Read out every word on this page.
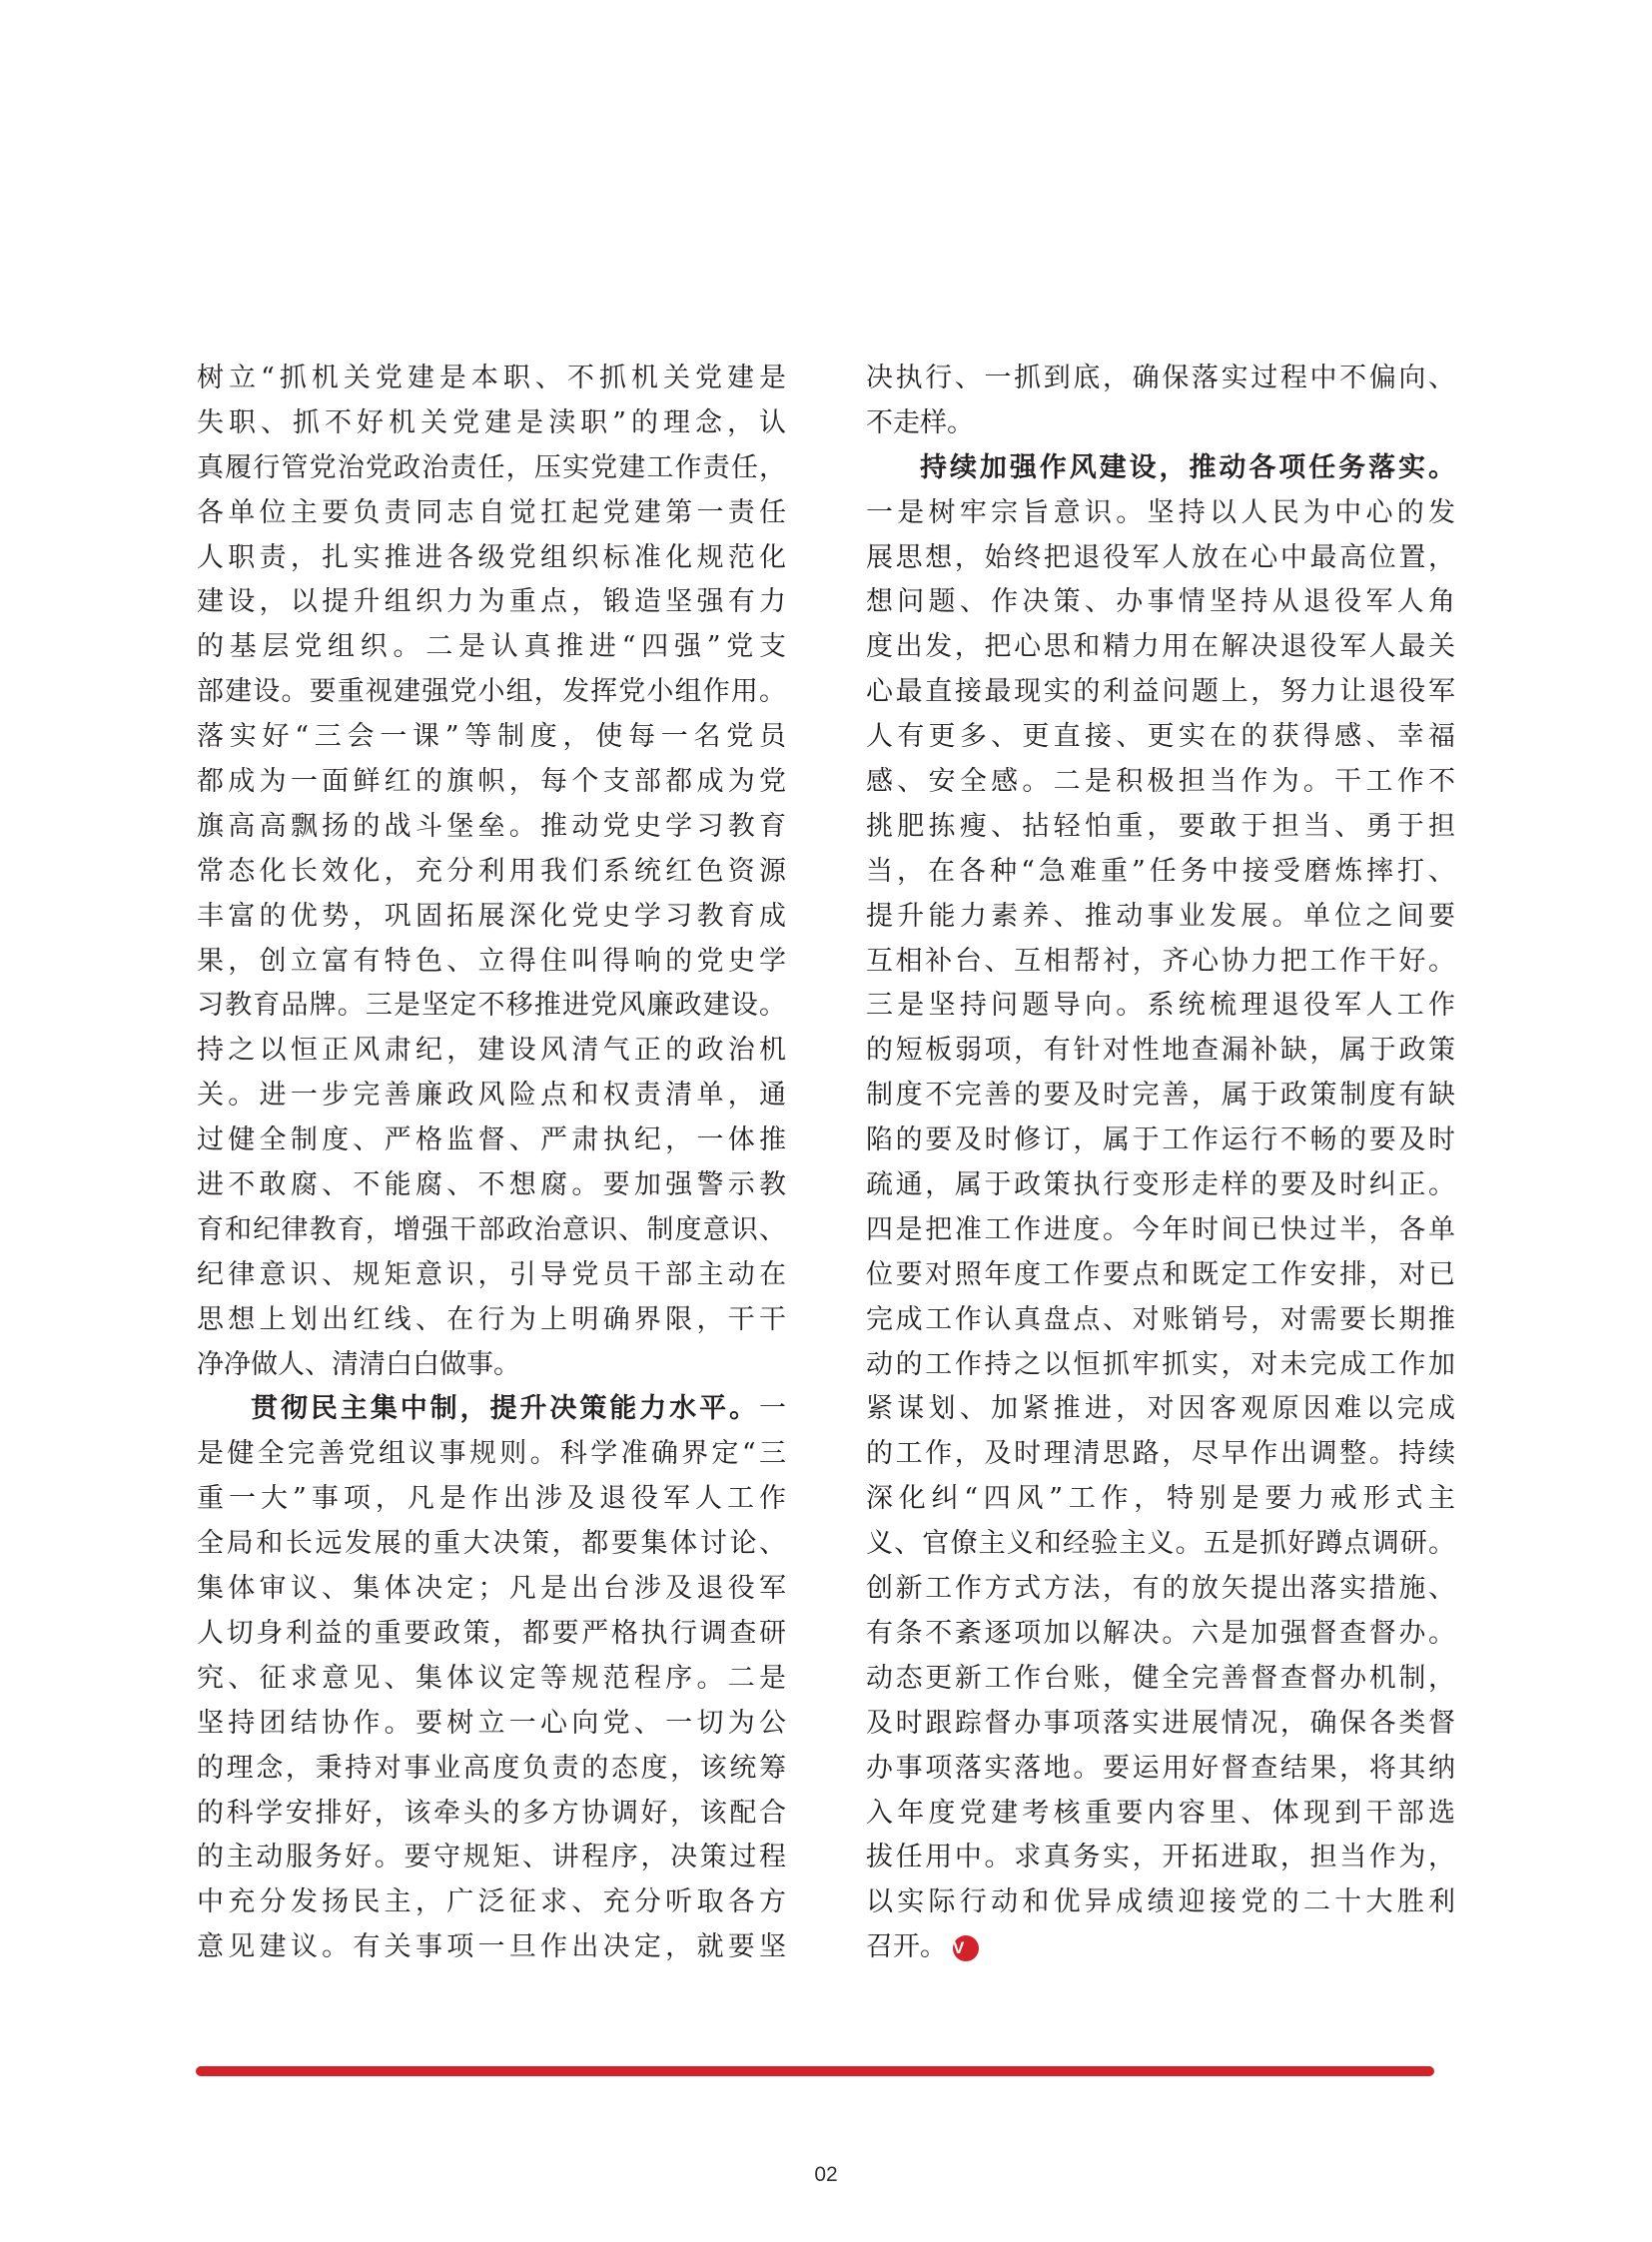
树立“抓机关党建是本职、不抓机关党建是
失职、抓不好机关党建是渎职”的理念，认
真履行管党治党政治责任，压实党建工作责任，
各单位主要负责同志自觉扛起党建第一责任
人职责，扎实推进各级党组织标准化规范化
建设，以提升组织力为重点，锻造坚强有力
的基层党组织。二是认真推进“四强”党支
部建设。要重视建强党小组，发挥党小组作用。
落实好“三会一课”等制度，使每一名党员
都成为一面鲜红的旗帜，每个支部都成为党
旗高高飘扬的战斗堡垒。推动党史学习教育
常态化长效化，充分利用我们系统红色资源
丰富的优势，巩固拓展深化党史学习教育成
果，创立富有特色、立得住叫得响的党史学
习教育品牌。三是坚定不移推进党风廉政建设。
持之以恒正风肃纪，建设风清气正的政治机
关。进一步完善廉政风险点和权责清单，通
过健全制度、严格监督、严肃执纪，一体推
进不敢腐、不能腐、不想腐。要加强警示教
育和纪律教育，增强干部政治意识、制度意识、
纪律意识、规矩意识，引导党员干部主动在
思想上划出红线、在行为上明确界限，干干
净净做人、清清白白做事。
贯彻民主集中制，提升决策能力水平。一
是健全完善党组议事规则。科学准确界定“三
重一大”事项，凡是作出涉及退役军人工作
全局和长远发展的重大决策，都要集体讨论、
集体审议、集体决定；凡是出台涉及退役军
人切身利益的重要政策，都要严格执行调查研
究、征求意见、集体议定等规范程序。二是
坚持团结协作。要树立一心向党、一切为公
的理念，秉持对事业高度负责的态度，该统筹
的科学安排好，该牵头的多方协调好，该配合
的主动服务好。要守规矩、讲程序，决策过程
中充分发扬民主，广泛征求、充分听取各方
意见建议。有关事项一旦作出决定，就要坚
决执行、一抓到底，确保落实过程中不偏向、
不走样。
持续加强作风建设，推动各项任务落实。
一是树牢宗旨意识。坚持以人民为中心的发
展思想，始终把退役军人放在心中最高位置，
想问题、作决策、办事情坚持从退役军人角
度出发，把心思和精力用在解决退役军人最关
心最直接最现实的利益问题上，努力让退役军
人有更多、更直接、更实在的获得感、幸福
感、安全感。二是积极担当作为。干工作不
挑肥拣瘦、拈轻怕重，要敢于担当、勇于担
当，在各种“急难重”任务中接受磨炼摔打、
提升能力素养、推动事业发展。单位之间要
互相补台、互相帮衬，齐心协力把工作干好。
三是坚持问题导向。系统梳理退役军人工作
的短板弱项，有针对性地查漏补缺，属于政策
制度不完善的要及时完善，属于政策制度有缺
陷的要及时修订，属于工作运行不畅的要及时
疏通，属于政策执行变形走样的要及时纠正。
四是把准工作进度。今年时间已快过半，各单
位要对照年度工作要点和既定工作安排，对已
完成工作认真盘点、对账销号，对需要长期推
动的工作持之以恒抓牢抓实，对未完成工作加
紧谋划、加紧推进，对因客观原因难以完成
的工作，及时理清思路，尽早作出调整。持续
深化纠“四风”工作，特别是要力戒形式主
义、官僚主义和经验主义。五是抓好蹲点调研。
创新工作方式方法，有的放矢提出落实措施、
有条不紊逐项加以解决。六是加强督查督办。
动态更新工作台账，健全完善督查督办机制，
及时跟踪督办事项落实进展情况，确保各类督
办事项落实落地。要运用好督查结果，将其纳
入年度党建考核重要内容里、体现到干部选
拔任用中。求真务实，开拓进取，担当作为，
以实际行动和优异成绩迎接党的二十大胜利
召开。 V
02
